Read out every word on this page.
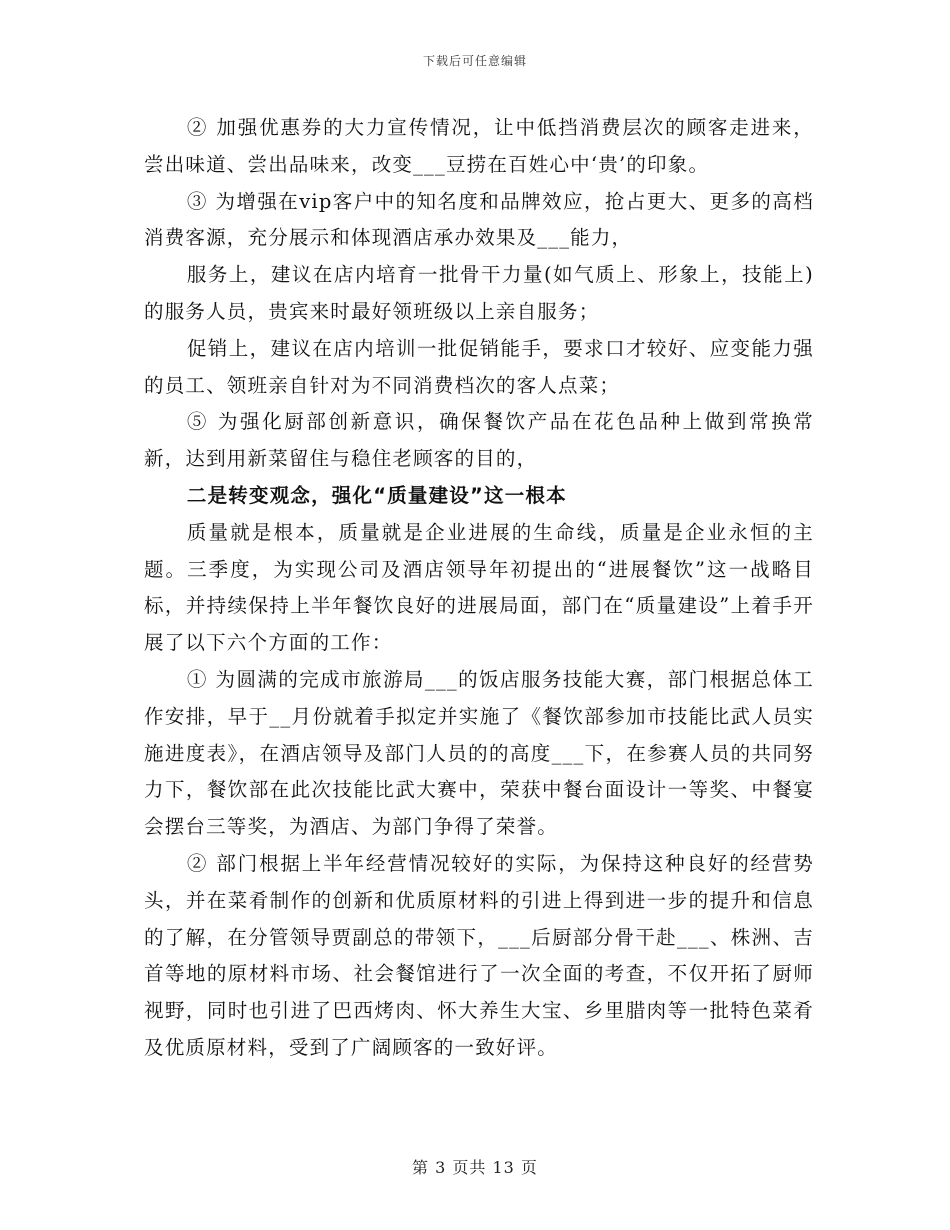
下载后可任意编辑

② 加强优惠券的大力宣传情况，让中低挡消费层次的顾客走进来，尝出味道、尝出品味来，改变___豆捞在百姓心中‘贵’的印象。

③ 为增强在vip客户中的知名度和品牌效应，抢占更大、更多的高档消费客源，充分展示和体现酒店承办效果及___能力，

服务上，建议在店内培育一批骨干力量(如气质上、形象上，技能上)的服务人员，贵宾来时最好领班级以上亲自服务；

促销上，建议在店内培训一批促销能手，要求口才较好、应变能力强的员工、领班亲自针对为不同消费档次的客人点菜；

⑤ 为强化厨部创新意识，确保餐饮产品在花色品种上做到常换常新，达到用新菜留住与稳住老顾客的目的，

二是转变观念，强化“质量建设”这一根本

质量就是根本，质量就是企业进展的生命线，质量是企业永恒的主题。三季度，为实现公司及酒店领导年初提出的“进展餐饮”这一战略目标，并持续保持上半年餐饮良好的进展局面，部门在“质量建设”上着手开展了以下六个方面的工作：

① 为圆满的完成市旅游局___的饭店服务技能大赛，部门根据总体工作安排，早于__月份就着手拟定并实施了《餐饮部参加市技能比武人员实施进度表》，在酒店领导及部门人员的的高度___下，在参赛人员的共同努力下，餐饮部在此次技能比武大赛中，荣获中餐台面设计一等奖、中餐宴会摆台三等奖，为酒店、为部门争得了荣誉。

② 部门根据上半年经营情况较好的实际，为保持这种良好的经营势头，并在菜肴制作的创新和优质原材料的引进上得到进一步的提升和信息的了解，在分管领导贾副总的带领下，___后厨部分骨干赴___、株洲、吉首等地的原材料市场、社会餐馆进行了一次全面的考查，不仅开拓了厨师视野，同时也引进了巴西烤肉、怀大养生大宝、乡里腊肉等一批特色菜肴及优质原材料，受到了广阔顾客的一致好评。

第 3 页共 13 页
